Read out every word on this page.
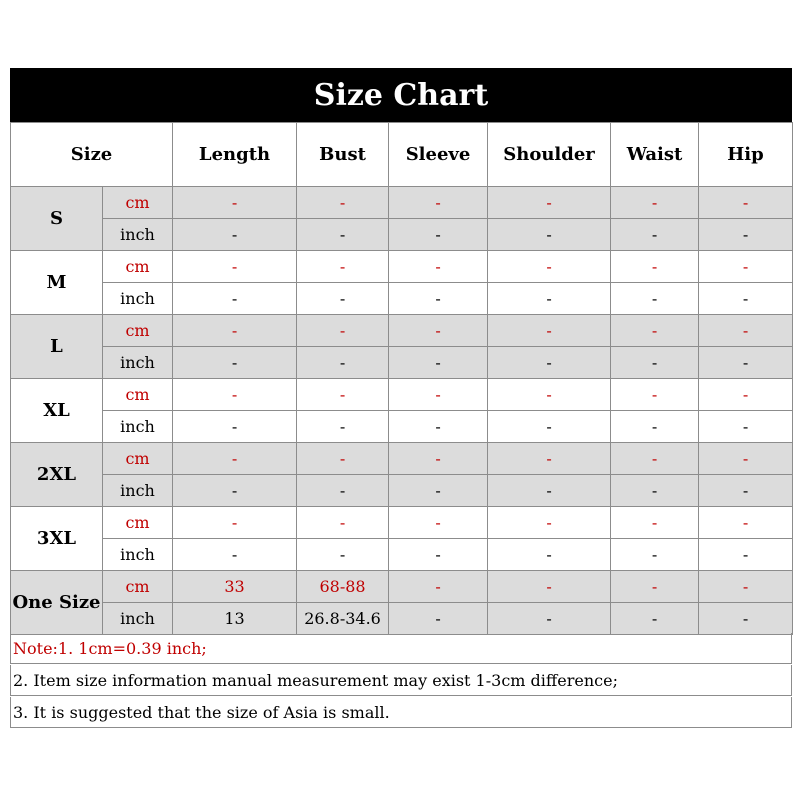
Size Chart
Size		Length	Bust	Sleeve	Shoulder	Waist	Hip
S	cm	-	-	-	-	-	-
	inch	-	-	-	-	-	-
M	cm	-	-	-	-	-	-
	inch	-	-	-	-	-	-
L	cm	-	-	-	-	-	-
	inch	-	-	-	-	-	-
XL	cm	-	-	-	-	-	-
	inch	-	-	-	-	-	-
2XL	cm	-	-	-	-	-	-
	inch	-	-	-	-	-	-
3XL	cm	-	-	-	-	-	-
	inch	-	-	-	-	-	-
One Size	cm	33	68-88	-	-	-	-
	inch	13	26.8-34.6	-	-	-	-
Note:1. 1cm=0.39 inch;
2. Item size information manual measurement may exist 1-3cm difference;
3. It is suggested that the size of Asia is small.
